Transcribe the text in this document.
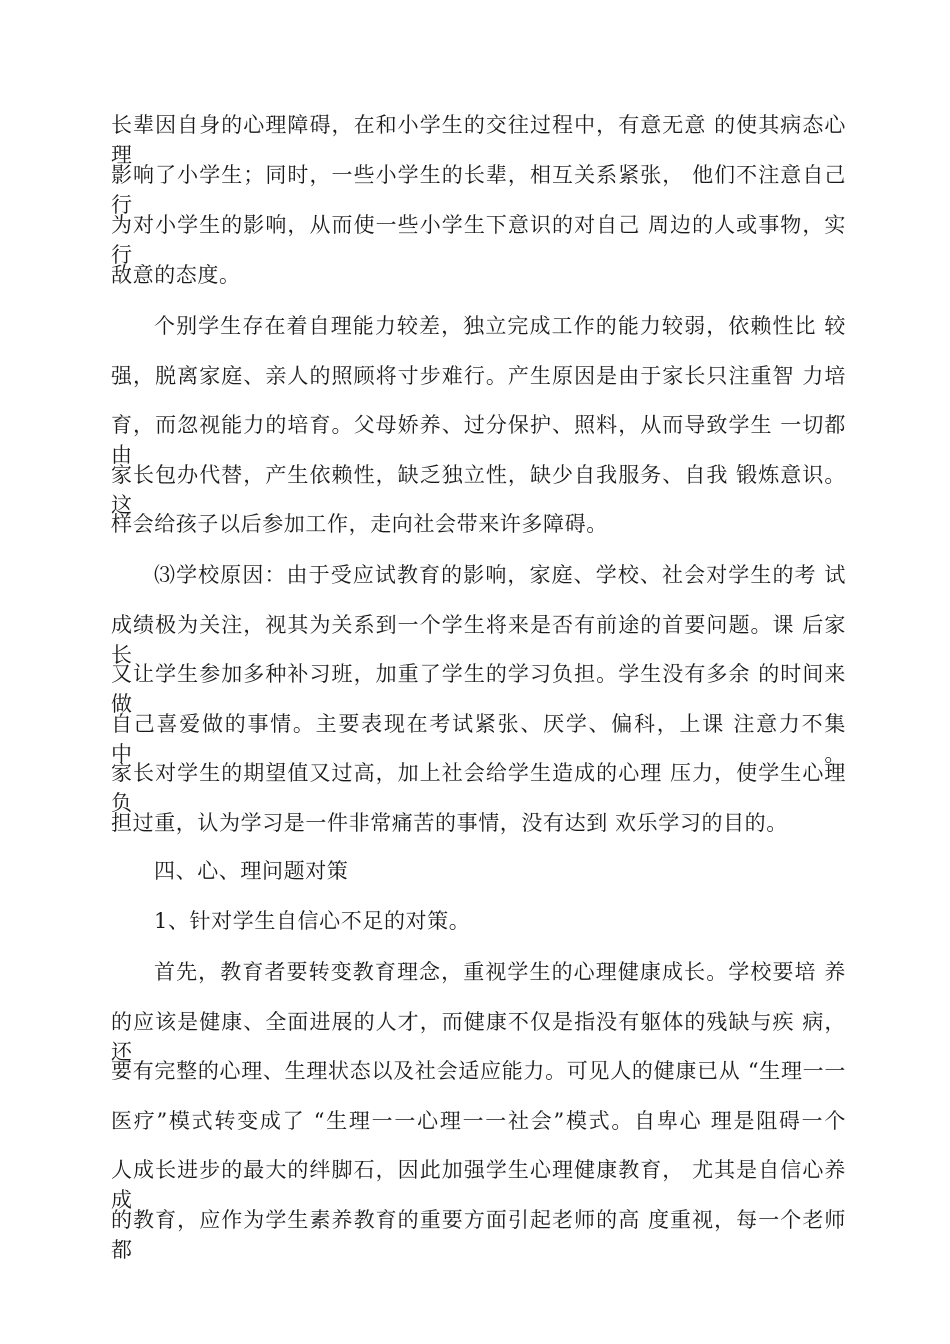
长辈因自身的心理障碍，在和小学生的交往过程中，有意无意 的使其病态心理
影响了小学生；同时，一些小学生的长辈，相互关系紧张， 他们不注意自己行
为对小学生的影响，从而使一些小学生下意识的对自己 周边的人或事物，实行
敌意的态度。
个别学生存在着自理能力较差，独立完成工作的能力较弱，依赖性比 较
强，脱离家庭、亲人的照顾将寸步难行。产生原因是由于家长只注重智 力培
育，而忽视能力的培育。父母娇养、过分保护、照料，从而导致学生 一切都由
家长包办代替，产生依赖性，缺乏独立性，缺少自我服务、自我 锻炼意识。这
样会给孩子以后参加工作，走向社会带来许多障碍。
⑶学校原因：由于受应试教育的影响，家庭、学校、社会对学生的考 试
成绩极为关注，视其为关系到一个学生将来是否有前途的首要问题。课 后家长
又让学生参加多种补习班，加重了学生的学习负担。学生没有多余 的时间来做
自己喜爱做的事情。主要表现在考试紧张、厌学、偏科，上课 注意力不集中。
家长对学生的期望值又过高，加上社会给学生造成的心理 压力，使学生心理负
担过重，认为学习是一件非常痛苦的事情，没有达到 欢乐学习的目的。
四、心、理问题对策
1、针对学生自信心不足的对策。
首先，教育者要转变教育理念，重视学生的心理健康成长。学校要培 养
的应该是健康、全面进展的人才，而健康不仅是指没有躯体的残缺与疾 病，还
要有完整的心理、生理状态以及社会适应能力。可见人的健康已从 “生理一一
医疗”模式转变成了 “生理一一心理一一社会”模式。自卑心 理是阻碍一个
人成长进步的最大的绊脚石，因此加强学生心理健康教育， 尤其是自信心养成
的教育，应作为学生素养教育的重要方面引起老师的高 度重视，每一个老师都
